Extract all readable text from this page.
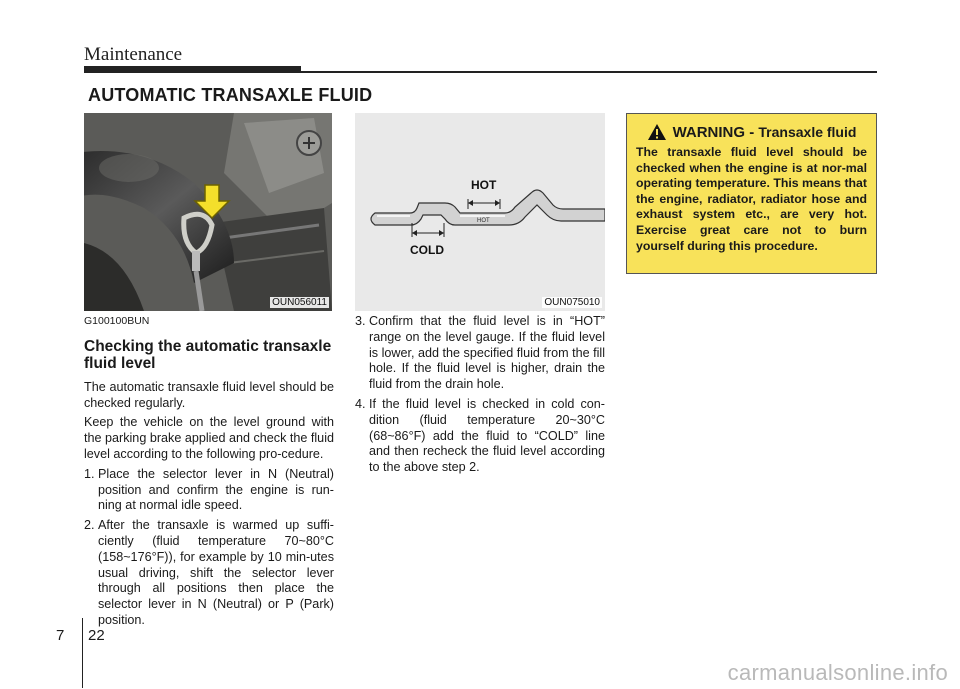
Maintenance
AUTOMATIC TRANSAXLE FLUID
OUN056011
HOT
HOT
COLD
OUN075010

G100100BUN

Checking the automatic transaxle fluid level

The automatic transaxle fluid level should be checked regularly.

Keep the vehicle on the level ground with the parking brake applied and check the fluid level according to the following pro-cedure.

1. Place the selector lever in N (Neutral) position and confirm the engine is run-ning at normal idle speed.
2. After the transaxle is warmed up suffi-ciently (fluid temperature 70~80°C (158~176°F)), for example by 10 min-utes usual driving, shift the selector lever through all positions then place the selector lever in N (Neutral) or P (Park) position.
3. Confirm that the fluid level is in “HOT” range on the level gauge. If the fluid level is lower, add the specified fluid from the fill hole. If the fluid level is higher, drain the fluid from the drain hole.
4. If the fluid level is checked in cold con-dition (fluid temperature 20~30°C (68~86°F) add the fluid to “COLD” line and then recheck the fluid level according to the above step 2.
WARNING - Transaxle fluid
The transaxle fluid level should be checked when the engine is at nor-mal operating temperature. This means that the engine, radiator, radiator hose and exhaust system etc., are very hot. Exercise great care not to burn yourself during this procedure.
7 22
carmanualsonline.info
